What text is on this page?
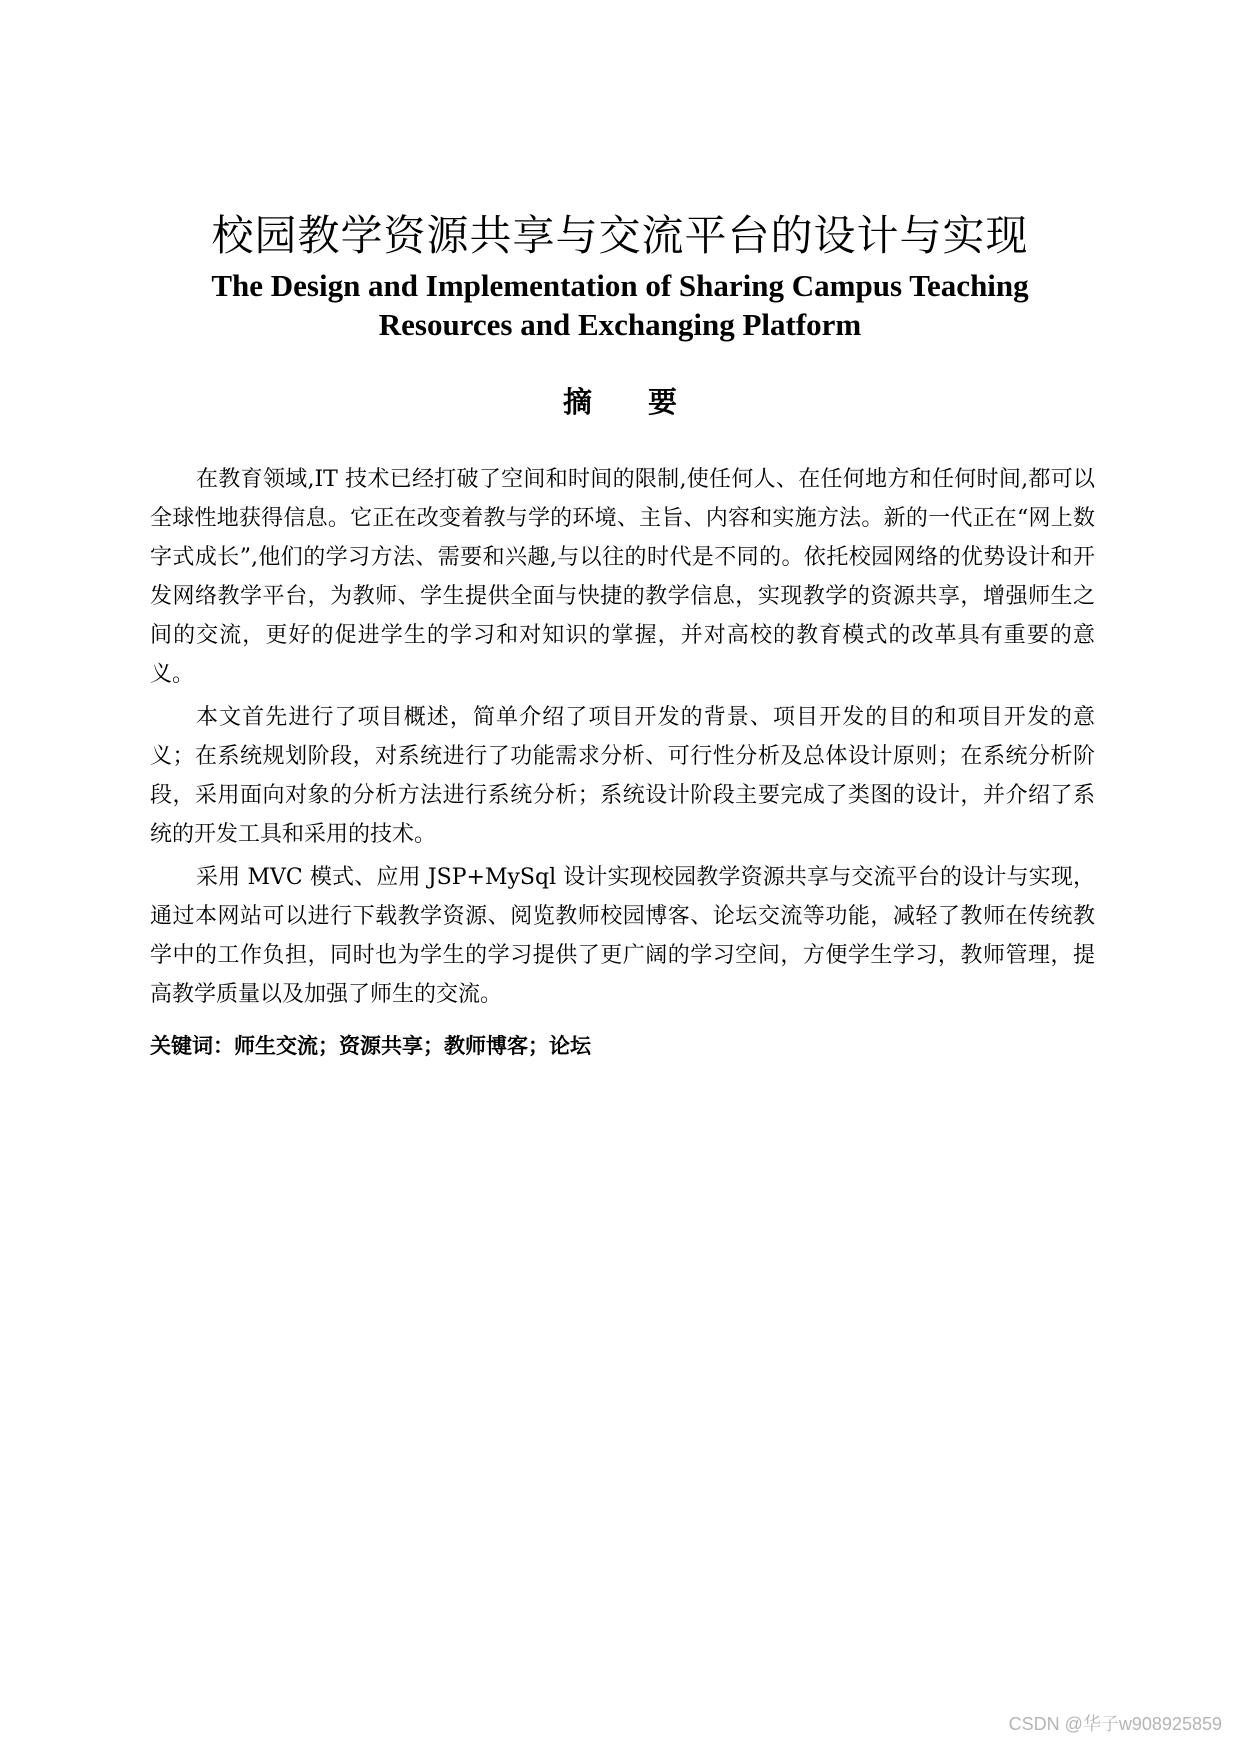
校园教学资源共享与交流平台的设计与实现
The Design and Implementation of Sharing Campus Teaching
Resources and Exchanging Platform
摘 要

在教育领域,IT 技术已经打破了空间和时间的限制,使任何人、在任何地方和任何时间,都可以全球性地获得信息。它正在改变着教与学的环境、主旨、内容和实施方法。新的一代正在“网上数字式成长”,他们的学习方法、需要和兴趣,与以往的时代是不同的。依托校园网络的优势设计和开发网络教学平台，为教师、学生提供全面与快捷的教学信息，实现教学的资源共享，增强师生之间的交流，更好的促进学生的学习和对知识的掌握，并对高校的教育模式的改革具有重要的意义。

本文首先进行了项目概述，简单介绍了项目开发的背景、项目开发的目的和项目开发的意义；在系统规划阶段，对系统进行了功能需求分析、可行性分析及总体设计原则；在系统分析阶段，采用面向对象的分析方法进行系统分析；系统设计阶段主要完成了类图的设计，并介绍了系统的开发工具和采用的技术。

采用 MVC 模式、应用 JSP+MySql 设计实现校园教学资源共享与交流平台的设计与实现，通过本网站可以进行下载教学资源、阅览教师校园博客、论坛交流等功能，减轻了教师在传统教学中的工作负担，同时也为学生的学习提供了更广阔的学习空间，方便学生学习，教师管理，提高教学质量以及加强了师生的交流。

关键词：师生交流；资源共享；教师博客；论坛

CSDN @华子w908925859
